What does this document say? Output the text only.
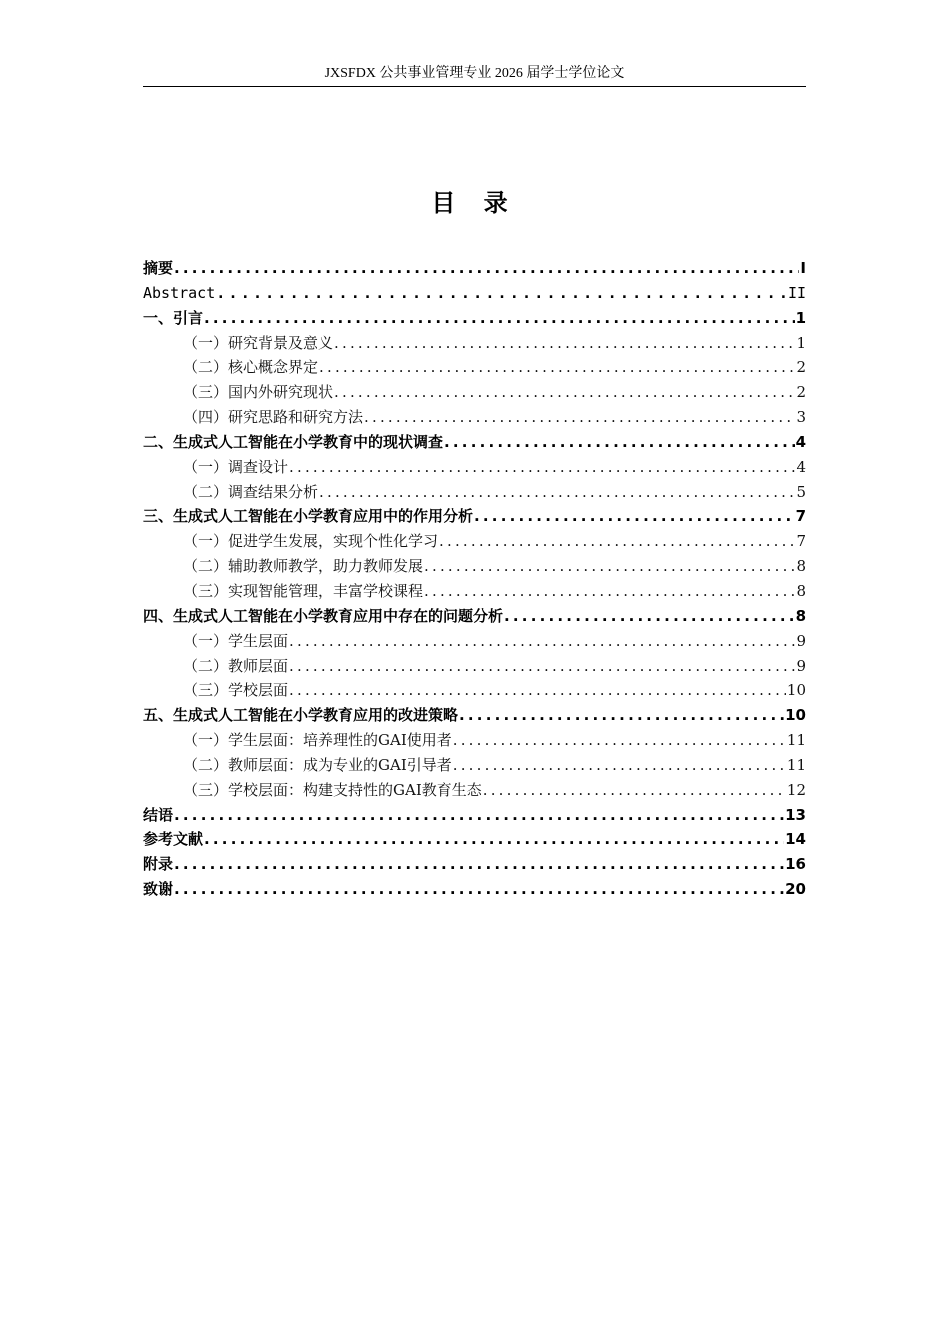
JXSFDX 公共事业管理专业 2026 届学士学位论文
目 录
摘要 .....	I
Abstract .....	II
一、引言 .....	1
（一）研究背景及意义 .....	1
（二）核心概念界定 .....	2
（三）国内外研究现状 .....	2
（四）研究思路和研究方法 .....	3
二、生成式人工智能在小学教育中的现状调查 .....	4
（一）调查设计 .....	4
（二）调查结果分析 .....	5
三、生成式人工智能在小学教育应用中的作用分析 .....	7
（一）促进学生发展，实现个性化学习 .....	7
（二）辅助教师教学，助力教师发展 .....	8
（三）实现智能管理，丰富学校课程 .....	8
四、生成式人工智能在小学教育应用中存在的问题分析 .....	8
（一）学生层面 .....	9
（二）教师层面 .....	9
（三）学校层面 .....	10
五、生成式人工智能在小学教育应用的改进策略 .....	10
（一）学生层面：培养理性的GAI使用者 .....	11
（二）教师层面：成为专业的GAI引导者 .....	11
（三）学校层面：构建支持性的GAI教育生态 .....	12
结语 .....	13
参考文献 .....	14
附录 .....	16
致谢 .....	20
